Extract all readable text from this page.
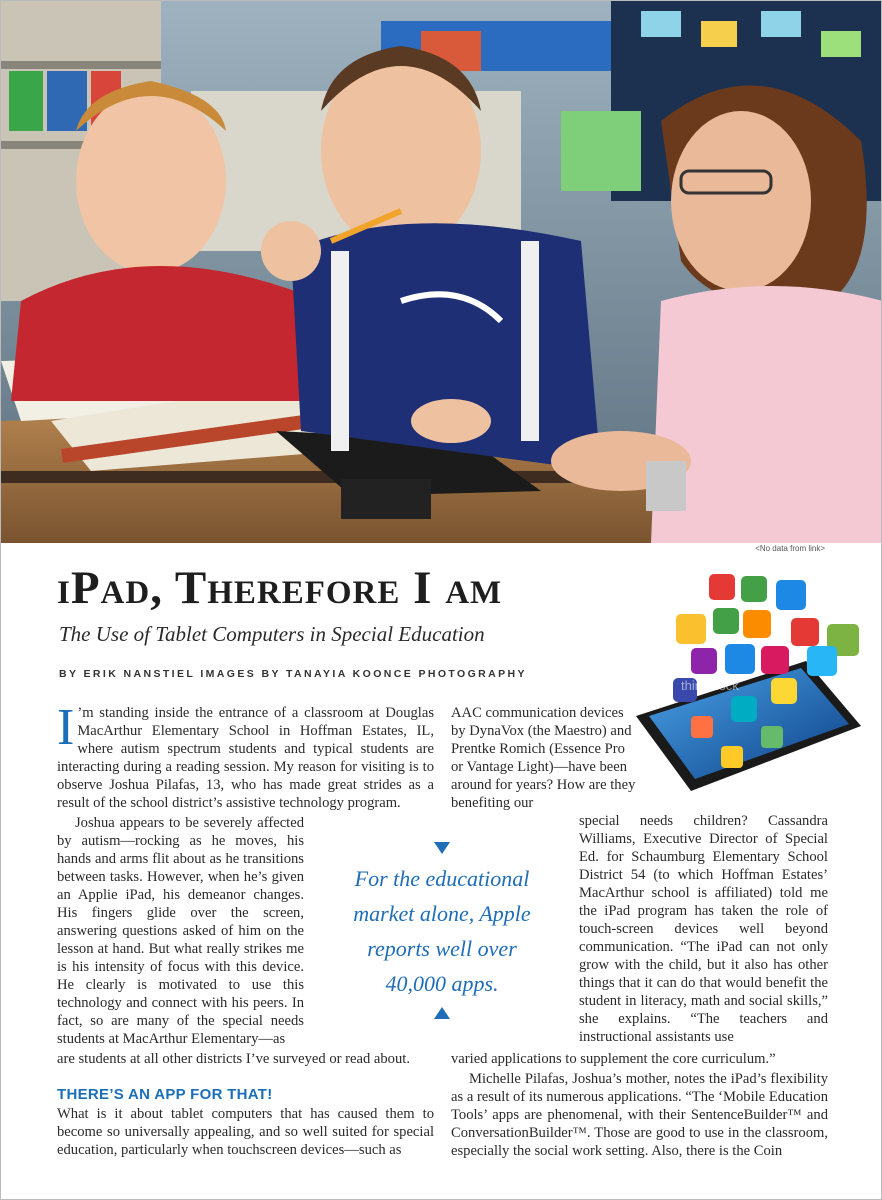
<No data from link>
iPad, Therefore I am
The Use of Tablet Computers in Special Education
BY ERIK NANSTIEL IMAGES BY TANAYIA KOONCE PHOTOGRAPHY
thinkstock

I ’m standing inside the entrance of a classroom at Douglas MacArthur Elementary School in Hoffman Estates, IL, where autism spectrum students and typical students are interacting during a reading session. My reason for visiting is to observe Joshua Pilafas, 13, who has made great strides as a result of the school district’s assistive technology program.

Joshua appears to be severely affected by autism—rocking as he moves, his hands and arms flit about as he transitions between tasks. However, when he’s given an Applie iPad, his demeanor changes. His fingers glide over the screen, answering questions asked of him on the lesson at hand. But what really strikes me is his intensity of focus with this device. He clearly is motivated to use this technology and connect with his peers. In fact, so are many of the special needs students at MacArthur Elementary—as

are students at all other districts I’ve surveyed or read about.

THERE’S AN APP FOR THAT!

What is it about tablet computers that has caused them to become so universally appealing, and so well suited for special education, particularly when touchscreen devices—such as

For the educational market alone, Apple reports well over 40,000 apps.

AAC communication devices by DynaVox (the Maestro) and Prentke Romich (Essence Pro or Vantage Light)—have been around for years? How are they benefiting our

special needs children? Cassandra Williams, Executive Director of Special Ed. for Schaumburg Elementary School District 54 (to which Hoffman Estates’ MacArthur school is affiliated) told me the iPad program has taken the role of touch-screen devices well beyond communication. “The iPad can not only grow with the child, but it also has other things that it can do that would benefit the student in literacy, math and social skills,” she explains. “The teachers and instructional assistants use

varied applications to supplement the core curriculum.”

Michelle Pilafas, Joshua’s mother, notes the iPad’s flexibility as a result of its numerous applications. “The ‘Mobile Education Tools’ apps are phenomenal, with their SentenceBuilder™ and ConversationBuilder™. Those are good to use in the classroom, especially the social work setting. Also, there is the Coin
